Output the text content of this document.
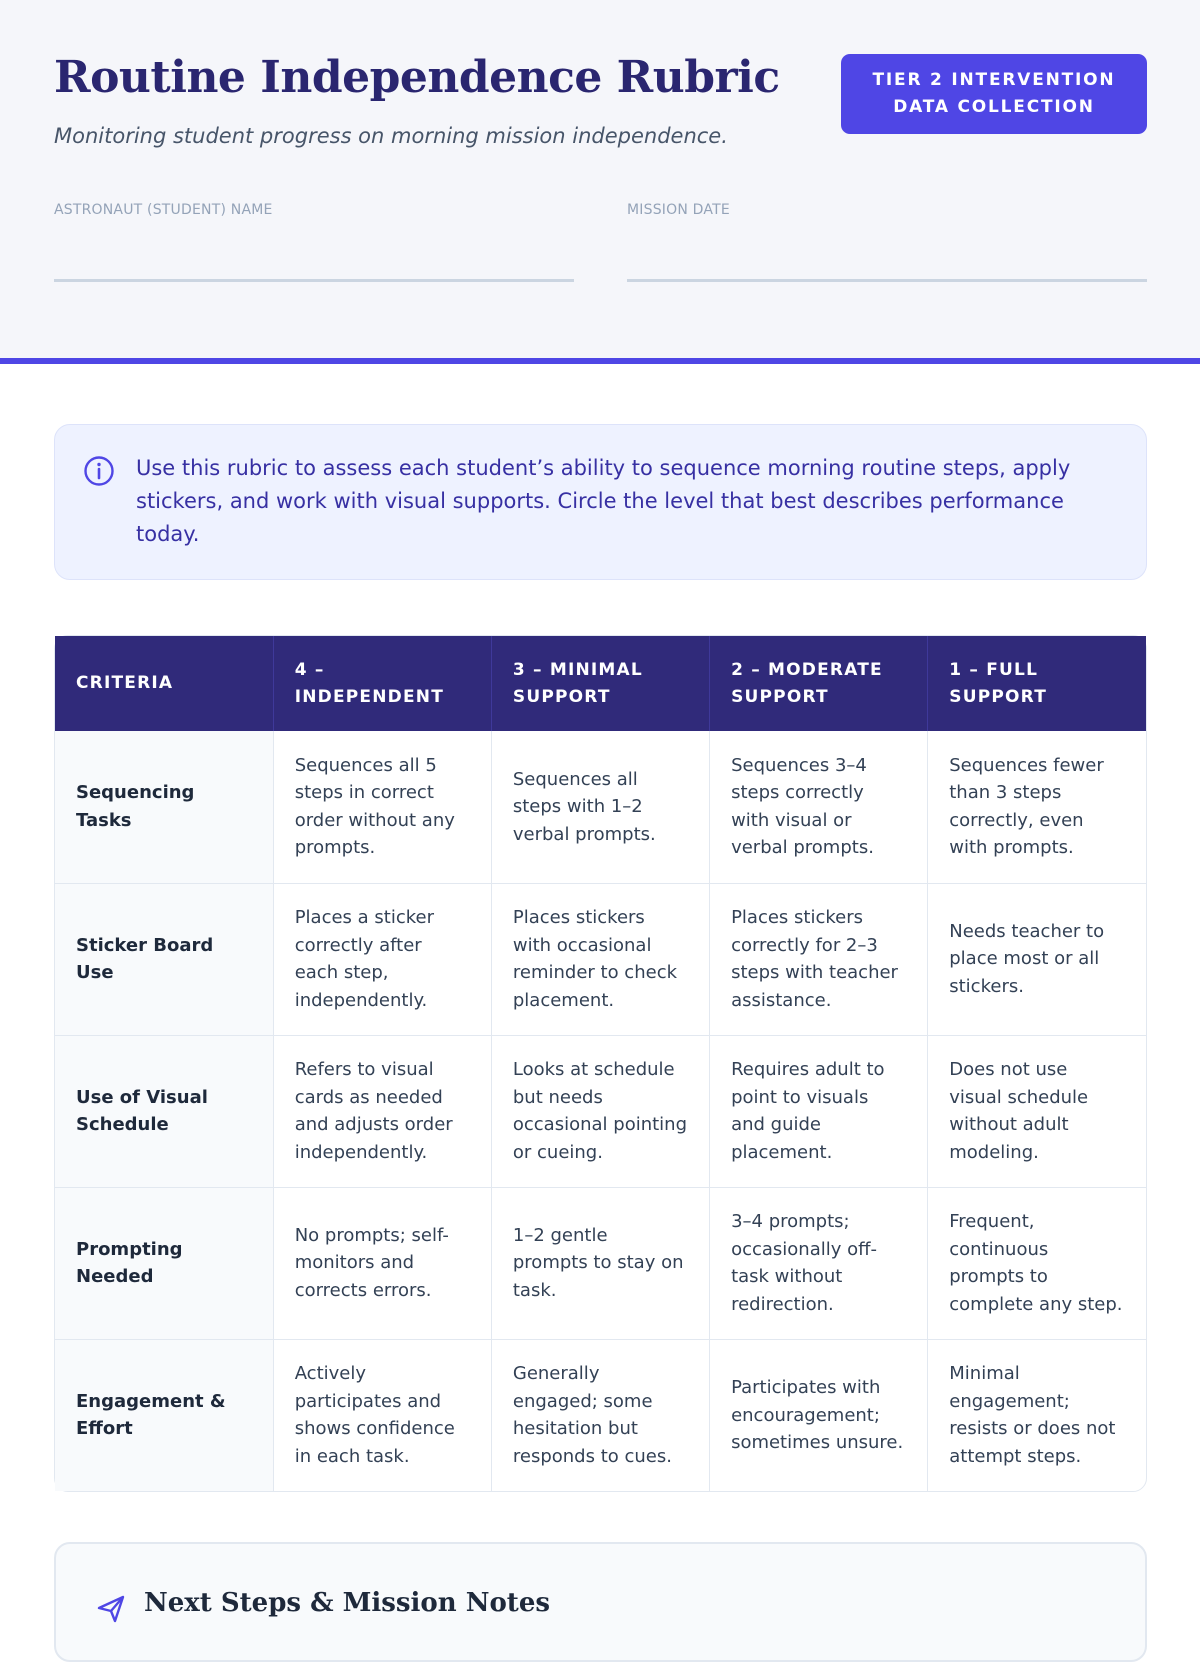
Routine Independence Rubric

Monitoring student progress on morning mission independence.

TIER 2 INTERVENTION
DATA COLLECTION
ASTRONAUT (STUDENT) NAME	MISSION DATE

Use this rubric to assess each student’s ability to sequence morning routine steps, apply stickers, and work with visual supports. Circle the level that best describes performance today.

CRITERIA	4 – INDEPENDENT	3 – MINIMAL SUPPORT	2 – MODERATE SUPPORT	1 – FULL SUPPORT
Sequencing Tasks	Sequences all 5 steps in correct order without any prompts.	Sequences all steps with 1–2 verbal prompts.	Sequences 3–4 steps correctly with visual or verbal prompts.	Sequences fewer than 3 steps correctly, even with prompts.
Sticker Board Use	Places a sticker correctly after each step, independently.	Places stickers with occasional reminder to check placement.	Places stickers correctly for 2–3 steps with teacher assistance.	Needs teacher to place most or all stickers.
Use of Visual Schedule	Refers to visual cards as needed and adjusts order independently.	Looks at schedule but needs occasional pointing or cueing.	Requires adult to point to visuals and guide placement.	Does not use visual schedule without adult modeling.
Prompting Needed	No prompts; self-monitors and corrects errors.	1–2 gentle prompts to stay on task.	3–4 prompts; occasionally off-task without redirection.	Frequent, continuous prompts to complete any step.
Engagement & Effort	Actively participates and shows confidence in each task.	Generally engaged; some hesitation but responds to cues.	Participates with encouragement; sometimes unsure.	Minimal engagement; resists or does not attempt steps.
Next Steps & Mission Notes
